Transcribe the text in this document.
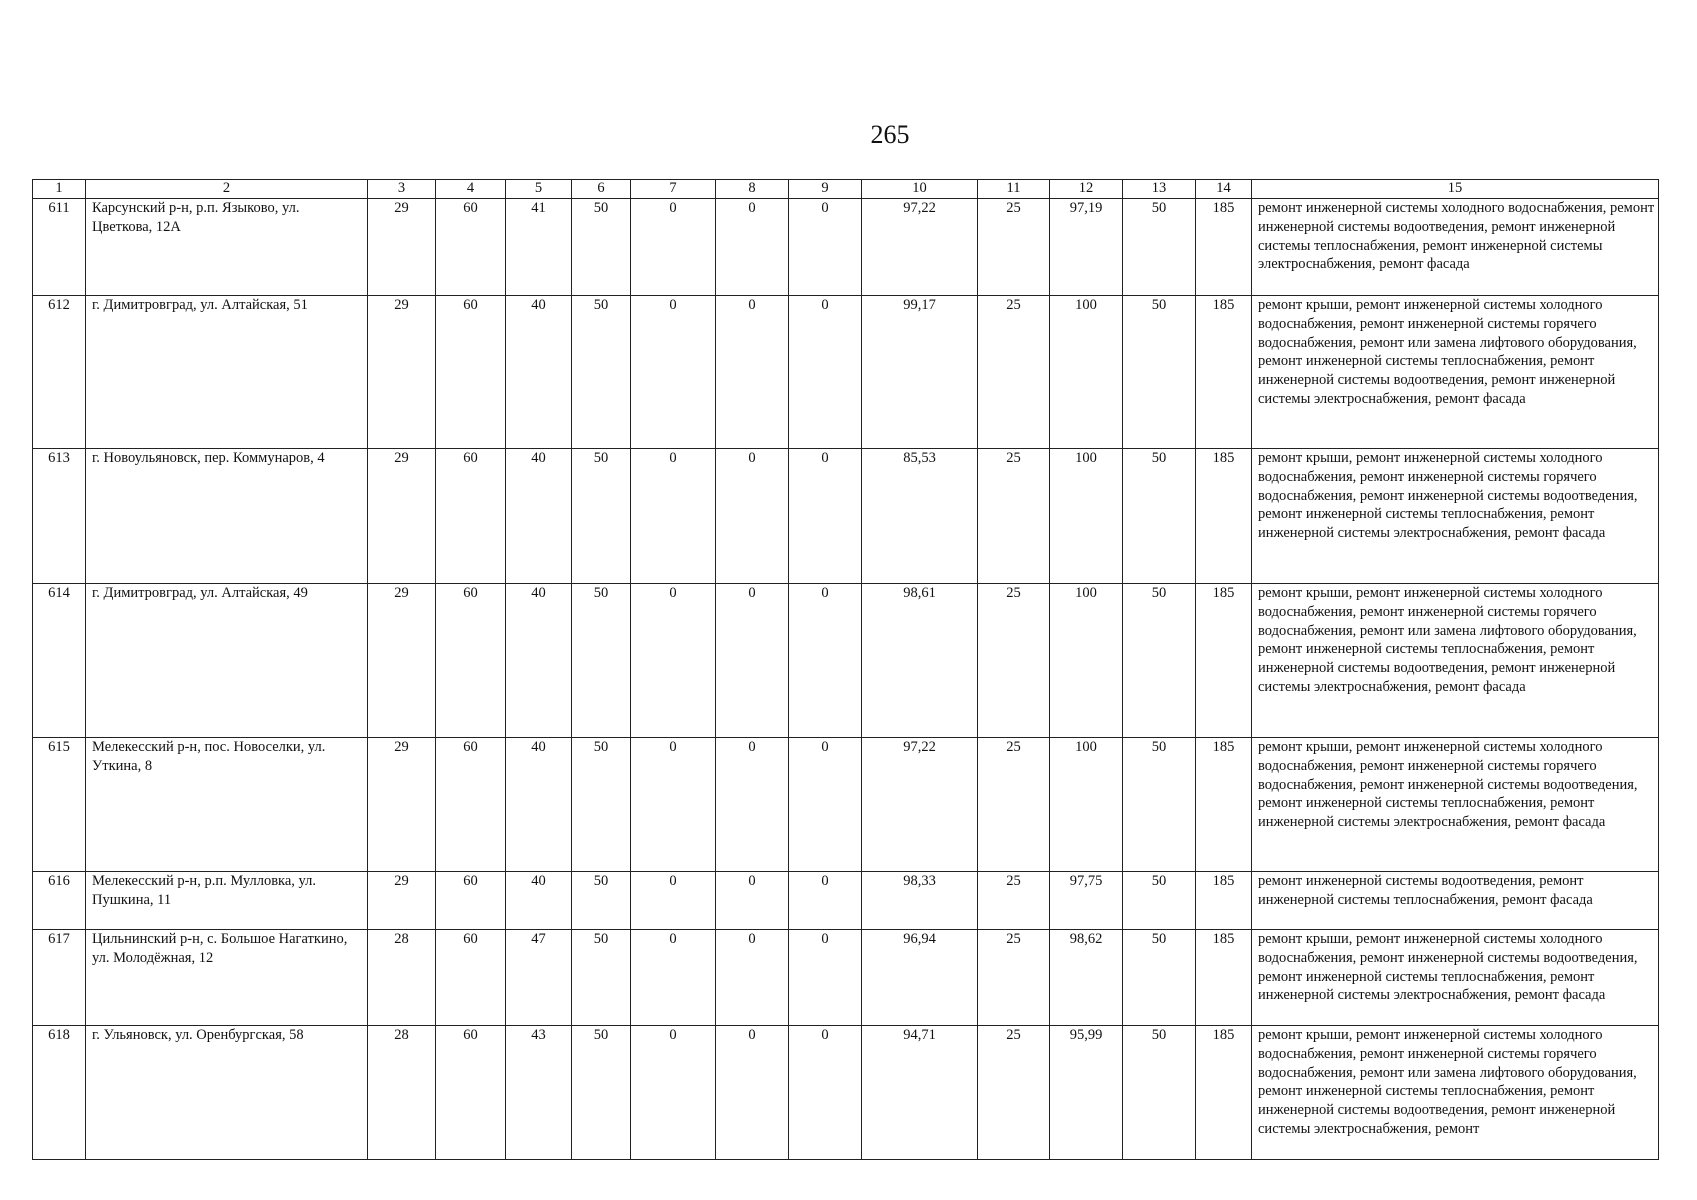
265
1	2	3	4	5	6	7	8	9	10	11	12	13	14	15
611	Карсунский р-н, р.п. Языково, ул. Цветкова, 12А	29	60	41	50	0	0	0	97,22	25	97,19	50	185	ремонт инженерной системы холодного водоснабжения, ремонт инженерной системы водоотведения, ремонт инженерной системы теплоснабжения, ремонт инженерной системы электроснабжения, ремонт фасада
612	г. Димитровград, ул. Алтайская, 51	29	60	40	50	0	0	0	99,17	25	100	50	185	ремонт крыши, ремонт инженерной системы холодного водоснабжения, ремонт инженерной системы горячего водоснабжения, ремонт или замена лифтового оборудования, ремонт инженерной системы теплоснабжения, ремонт инженерной системы водоотведения, ремонт инженерной системы электроснабжения, ремонт фасада
613	г. Новоульяновск, пер. Коммунаров, 4	29	60	40	50	0	0	0	85,53	25	100	50	185	ремонт крыши, ремонт инженерной системы холодного водоснабжения, ремонт инженерной системы горячего водоснабжения, ремонт инженерной системы водоотведения, ремонт инженерной системы теплоснабжения, ремонт инженерной системы электроснабжения, ремонт фасада
614	г. Димитровград, ул. Алтайская, 49	29	60	40	50	0	0	0	98,61	25	100	50	185	ремонт крыши, ремонт инженерной системы холодного водоснабжения, ремонт инженерной системы горячего водоснабжения, ремонт или замена лифтового оборудования, ремонт инженерной системы теплоснабжения, ремонт инженерной системы водоотведения, ремонт инженерной системы электроснабжения, ремонт фасада
615	Мелекесский р-н, пос. Новоселки, ул. Уткина, 8	29	60	40	50	0	0	0	97,22	25	100	50	185	ремонт крыши, ремонт инженерной системы холодного водоснабжения, ремонт инженерной системы горячего водоснабжения, ремонт инженерной системы водоотведения, ремонт инженерной системы теплоснабжения, ремонт инженерной системы электроснабжения, ремонт фасада
616	Мелекесский р-н, р.п. Мулловка, ул. Пушкина, 11	29	60	40	50	0	0	0	98,33	25	97,75	50	185	ремонт инженерной системы водоотведения, ремонт инженерной системы теплоснабжения, ремонт фасада
617	Цильнинский р-н, с. Большое Нагаткино, ул. Молодёжная, 12	28	60	47	50	0	0	0	96,94	25	98,62	50	185	ремонт крыши, ремонт инженерной системы холодного водоснабжения, ремонт инженерной системы водоотведения, ремонт инженерной системы теплоснабжения, ремонт инженерной системы электроснабжения, ремонт фасада
618	г. Ульяновск, ул. Оренбургская, 58	28	60	43	50	0	0	0	94,71	25	95,99	50	185	ремонт крыши, ремонт инженерной системы холодного водоснабжения, ремонт инженерной системы горячего водоснабжения, ремонт или замена лифтового оборудования, ремонт инженерной системы теплоснабжения, ремонт инженерной системы водоотведения, ремонт инженерной системы электроснабжения, ремонт
